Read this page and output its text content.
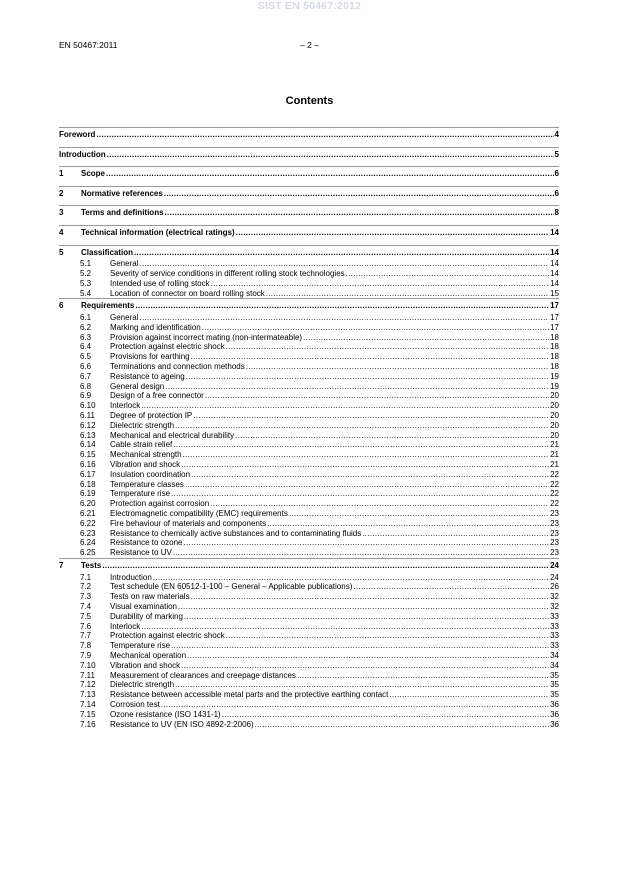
SIST EN 50467:2012
EN 50467:2011	– 2 –
Contents
Foreword .....	4
Introduction .....	5
1	Scope .....	6
2	Normative references .....	6
3	Terms and definitions .....	8
4	Technical information (electrical ratings) .....	14
5	Classification .....	14
5.1	General .....	14
5.2	Severity of service conditions in different rolling stock technologies .....	14
5.3	Intended use of rolling stock .....	14
5.4	Location of connector on board rolling stock .....	15
6	Requirements .....	17
6.1	General .....	17
6.2	Marking and identification .....	17
6.3	Provision against incorrect mating (non-intermateable) .....	18
6.4	Protection against electric shock .....	18
6.5	Provisions for earthing .....	18
6.6	Terminations and connection methods .....	18
6.7	Resistance to ageing .....	19
6.8	General design .....	19
6.9	Design of a free connector .....	20
6.10	Interlock .....	20
6.11	Degree of protection IP .....	20
6.12	Dielectric strength .....	20
6.13	Mechanical and electrical durability .....	20
6.14	Cable strain relief .....	21
6.15	Mechanical strength .....	21
6.16	Vibration and shock .....	21
6.17	Insulation coordination .....	22
6.18	Temperature classes .....	22
6.19	Temperature rise .....	22
6.20	Protection against corrosion .....	22
6.21	Electromagnetic compatibility (EMC) requirements .....	23
6.22	Fire behaviour of materials and components .....	23
6.23	Resistance to chemically active substances and to contaminating fluids .....	23
6.24	Resistance to ozone .....	23
6.25	Resistance to UV .....	23
7	Tests .....	24
7.1	Introduction .....	24
7.2	Test schedule (EN 60512-1-100 – General – Applicable publications) .....	26
7.3	Tests on raw materials .....	32
7.4	Visual examination .....	32
7.5	Durability of marking .....	33
7.6	Interlock .....	33
7.7	Protection against electric shock .....	33
7.8	Temperature rise .....	33
7.9	Mechanical operation .....	34
7.10	Vibration and shock .....	34
7.11	Measurement of clearances and creepage distances .....	35
7.12	Dielectric strength .....	35
7.13	Resistance between accessible metal parts and the protective earthing contact .....	35
7.14	Corrosion test .....	36
7.15	Ozone resistance (ISO 1431-1) .....	36
7.16	Resistance to UV (EN ISO 4892-2:2006) .....	36
